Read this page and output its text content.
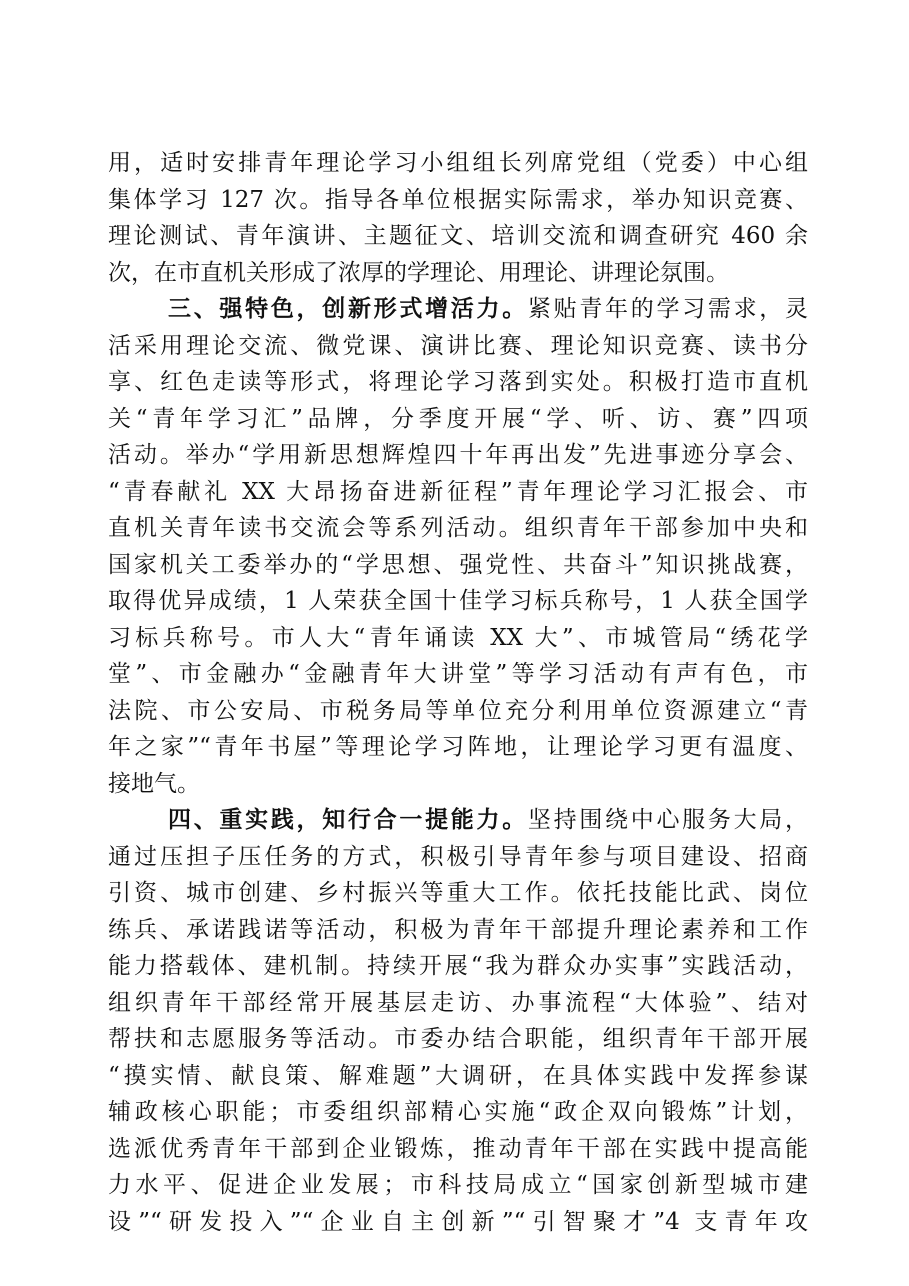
用，适时安排青年理论学习小组组长列席党组（党委）中心组
集体学习 127 次。指导各单位根据实际需求，举办知识竞赛、
理论测试、青年演讲、主题征文、培训交流和调查研究 460 余
次，在市直机关形成了浓厚的学理论、用理论、讲理论氛围。
三、强特色，创新形式增活力。紧贴青年的学习需求，灵
活采用理论交流、微党课、演讲比赛、理论知识竞赛、读书分
享、红色走读等形式，将理论学习落到实处。积极打造市直机
关“青年学习汇”品牌，分季度开展“学、听、访、赛”四项
活动。举办“学用新思想辉煌四十年再出发”先进事迹分享会、
“青春献礼 XX 大昂扬奋进新征程”青年理论学习汇报会、市
直机关青年读书交流会等系列活动。组织青年干部参加中央和
国家机关工委举办的“学思想、强党性、共奋斗”知识挑战赛，
取得优异成绩，1 人荣获全国十佳学习标兵称号，1 人获全国学
习标兵称号。市人大“青年诵读 XX 大”、市城管局“绣花学
堂”、市金融办“金融青年大讲堂”等学习活动有声有色，市
法院、市公安局、市税务局等单位充分利用单位资源建立“青
年之家”“青年书屋”等理论学习阵地，让理论学习更有温度、
接地气。
四、重实践，知行合一提能力。坚持围绕中心服务大局，
通过压担子压任务的方式，积极引导青年参与项目建设、招商
引资、城市创建、乡村振兴等重大工作。依托技能比武、岗位
练兵、承诺践诺等活动，积极为青年干部提升理论素养和工作
能力搭载体、建机制。持续开展“我为群众办实事”实践活动，
组织青年干部经常开展基层走访、办事流程“大体验”、结对
帮扶和志愿服务等活动。市委办结合职能，组织青年干部开展
“摸实情、献良策、解难题”大调研，在具体实践中发挥参谋
辅政核心职能；市委组织部精心实施“政企双向锻炼”计划，
选派优秀青年干部到企业锻炼，推动青年干部在实践中提高能
力水平、促进企业发展；市科技局成立“国家创新型城市建
设”“研发投入”“企业自主创新”“引智聚才”4 支青年攻
